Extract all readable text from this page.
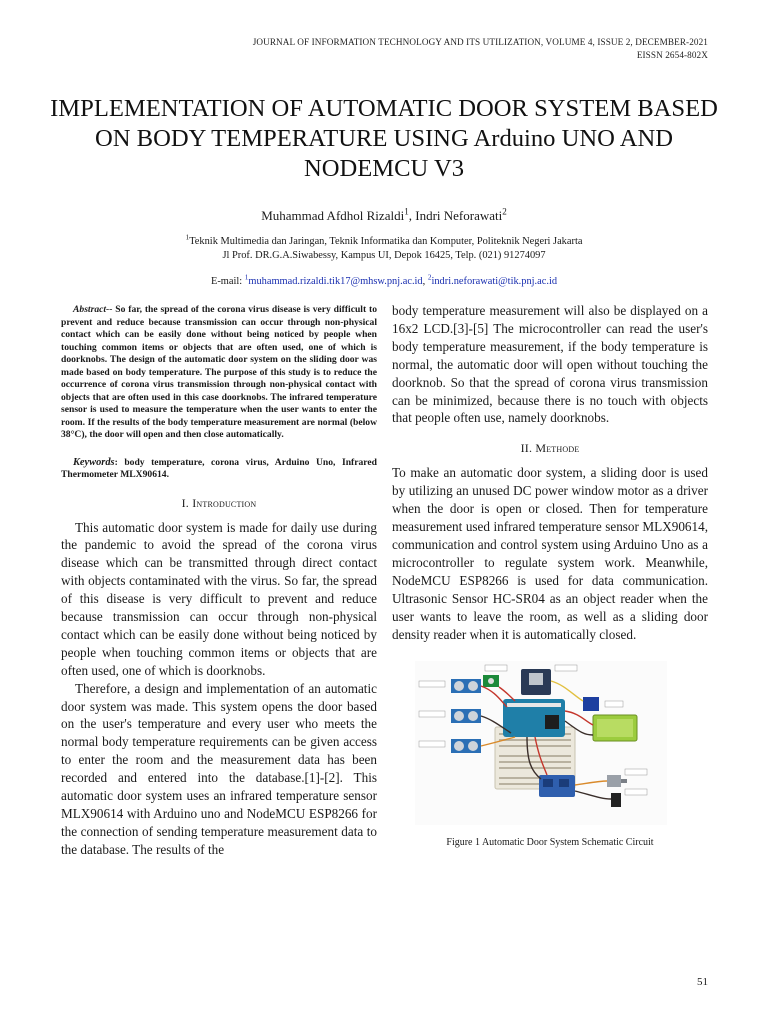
JOURNAL OF INFORMATION TECHNOLOGY AND ITS UTILIZATION, VOLUME 4, ISSUE 2, DECEMBER-2021
EISSN 2654-802X
IMPLEMENTATION OF AUTOMATIC DOOR SYSTEM BASED ON BODY TEMPERATURE USING Arduino UNO AND NODEMCU V3
Muhammad Afdhol Rizaldi$^1$, Indri Neforawati$^2$
$^1$Teknik Multimedia dan Jaringan, Teknik Informatika dan Komputer, Politeknik Negeri Jakarta
Jl Prof. DR.G.A.Siwabessy, Kampus UI, Depok 16425, Telp. (021) 91274097
E-mail: $^1$muhammad.rizaldi.tik17@mhsw.pnj.ac.id, $^2$indri.neforawati@tik.pnj.ac.id

Abstract-- So far, the spread of the corona virus disease is very difficult to prevent and reduce because transmission can occur through non-physical contact which can be easily done without being noticed by people when touching common items or objects that are often used, one of which is doorknobs. The design of the automatic door system on the sliding door was made based on body temperature. The purpose of this study is to reduce the occurrence of corona virus transmission through non-physical contact with objects that are often used in this case doorknobs. The infrared temperature sensor is used to measure the temperature when the user wants to enter the room. If the results of the body temperature measurement are normal (below 38°C), the door will open and then close automatically.

Keywords: body temperature, corona virus, Arduino Uno, Infrared Thermometer MLX90614.

I. Introduction

This automatic door system is made for daily use during the pandemic to avoid the spread of the corona virus disease which can be transmitted through direct contact with objects contaminated with the virus. So far, the spread of this disease is very difficult to prevent and reduce because transmission can occur through non-physical contact which can be easily done without being noticed by people when touching common items or objects that are often used, one of which is doorknobs.

Therefore, a design and implementation of an automatic door system was made. This system opens the door based on the user's temperature and every user who meets the normal body temperature requirements can be given access to enter the room and the measurement data has been recorded and entered into the database.[1]-[2]. This automatic door system uses an infrared temperature sensor MLX90614 with Arduino uno and NodeMCU ESP8266 for the connection of sending temperature measurement data to the database. The results of the

body temperature measurement will also be displayed on a 16x2 LCD.[3]-[5] The microcontroller can read the user's body temperature measurement, if the body temperature is normal, the automatic door will open without touching the doorknob. So that the spread of corona virus transmission can be minimized, because there is no touch with objects that people often use, namely doorknobs.

II. Methode

To make an automatic door system, a sliding door is used by utilizing an unused DC power window motor as a driver when the door is open or closed. Then for temperature measurement used infrared temperature sensor MLX90614, communication and control system using Arduino Uno as a microcontroller to regulate system work. Meanwhile, NodeMCU ESP8266 is used for data communication. Ultrasonic Sensor HC-SR04 as an object reader when the user wants to leave the room, as well as a sliding door density reader when it is automatically closed.

Figure 1 Automatic Door System Schematic Circuit
51
